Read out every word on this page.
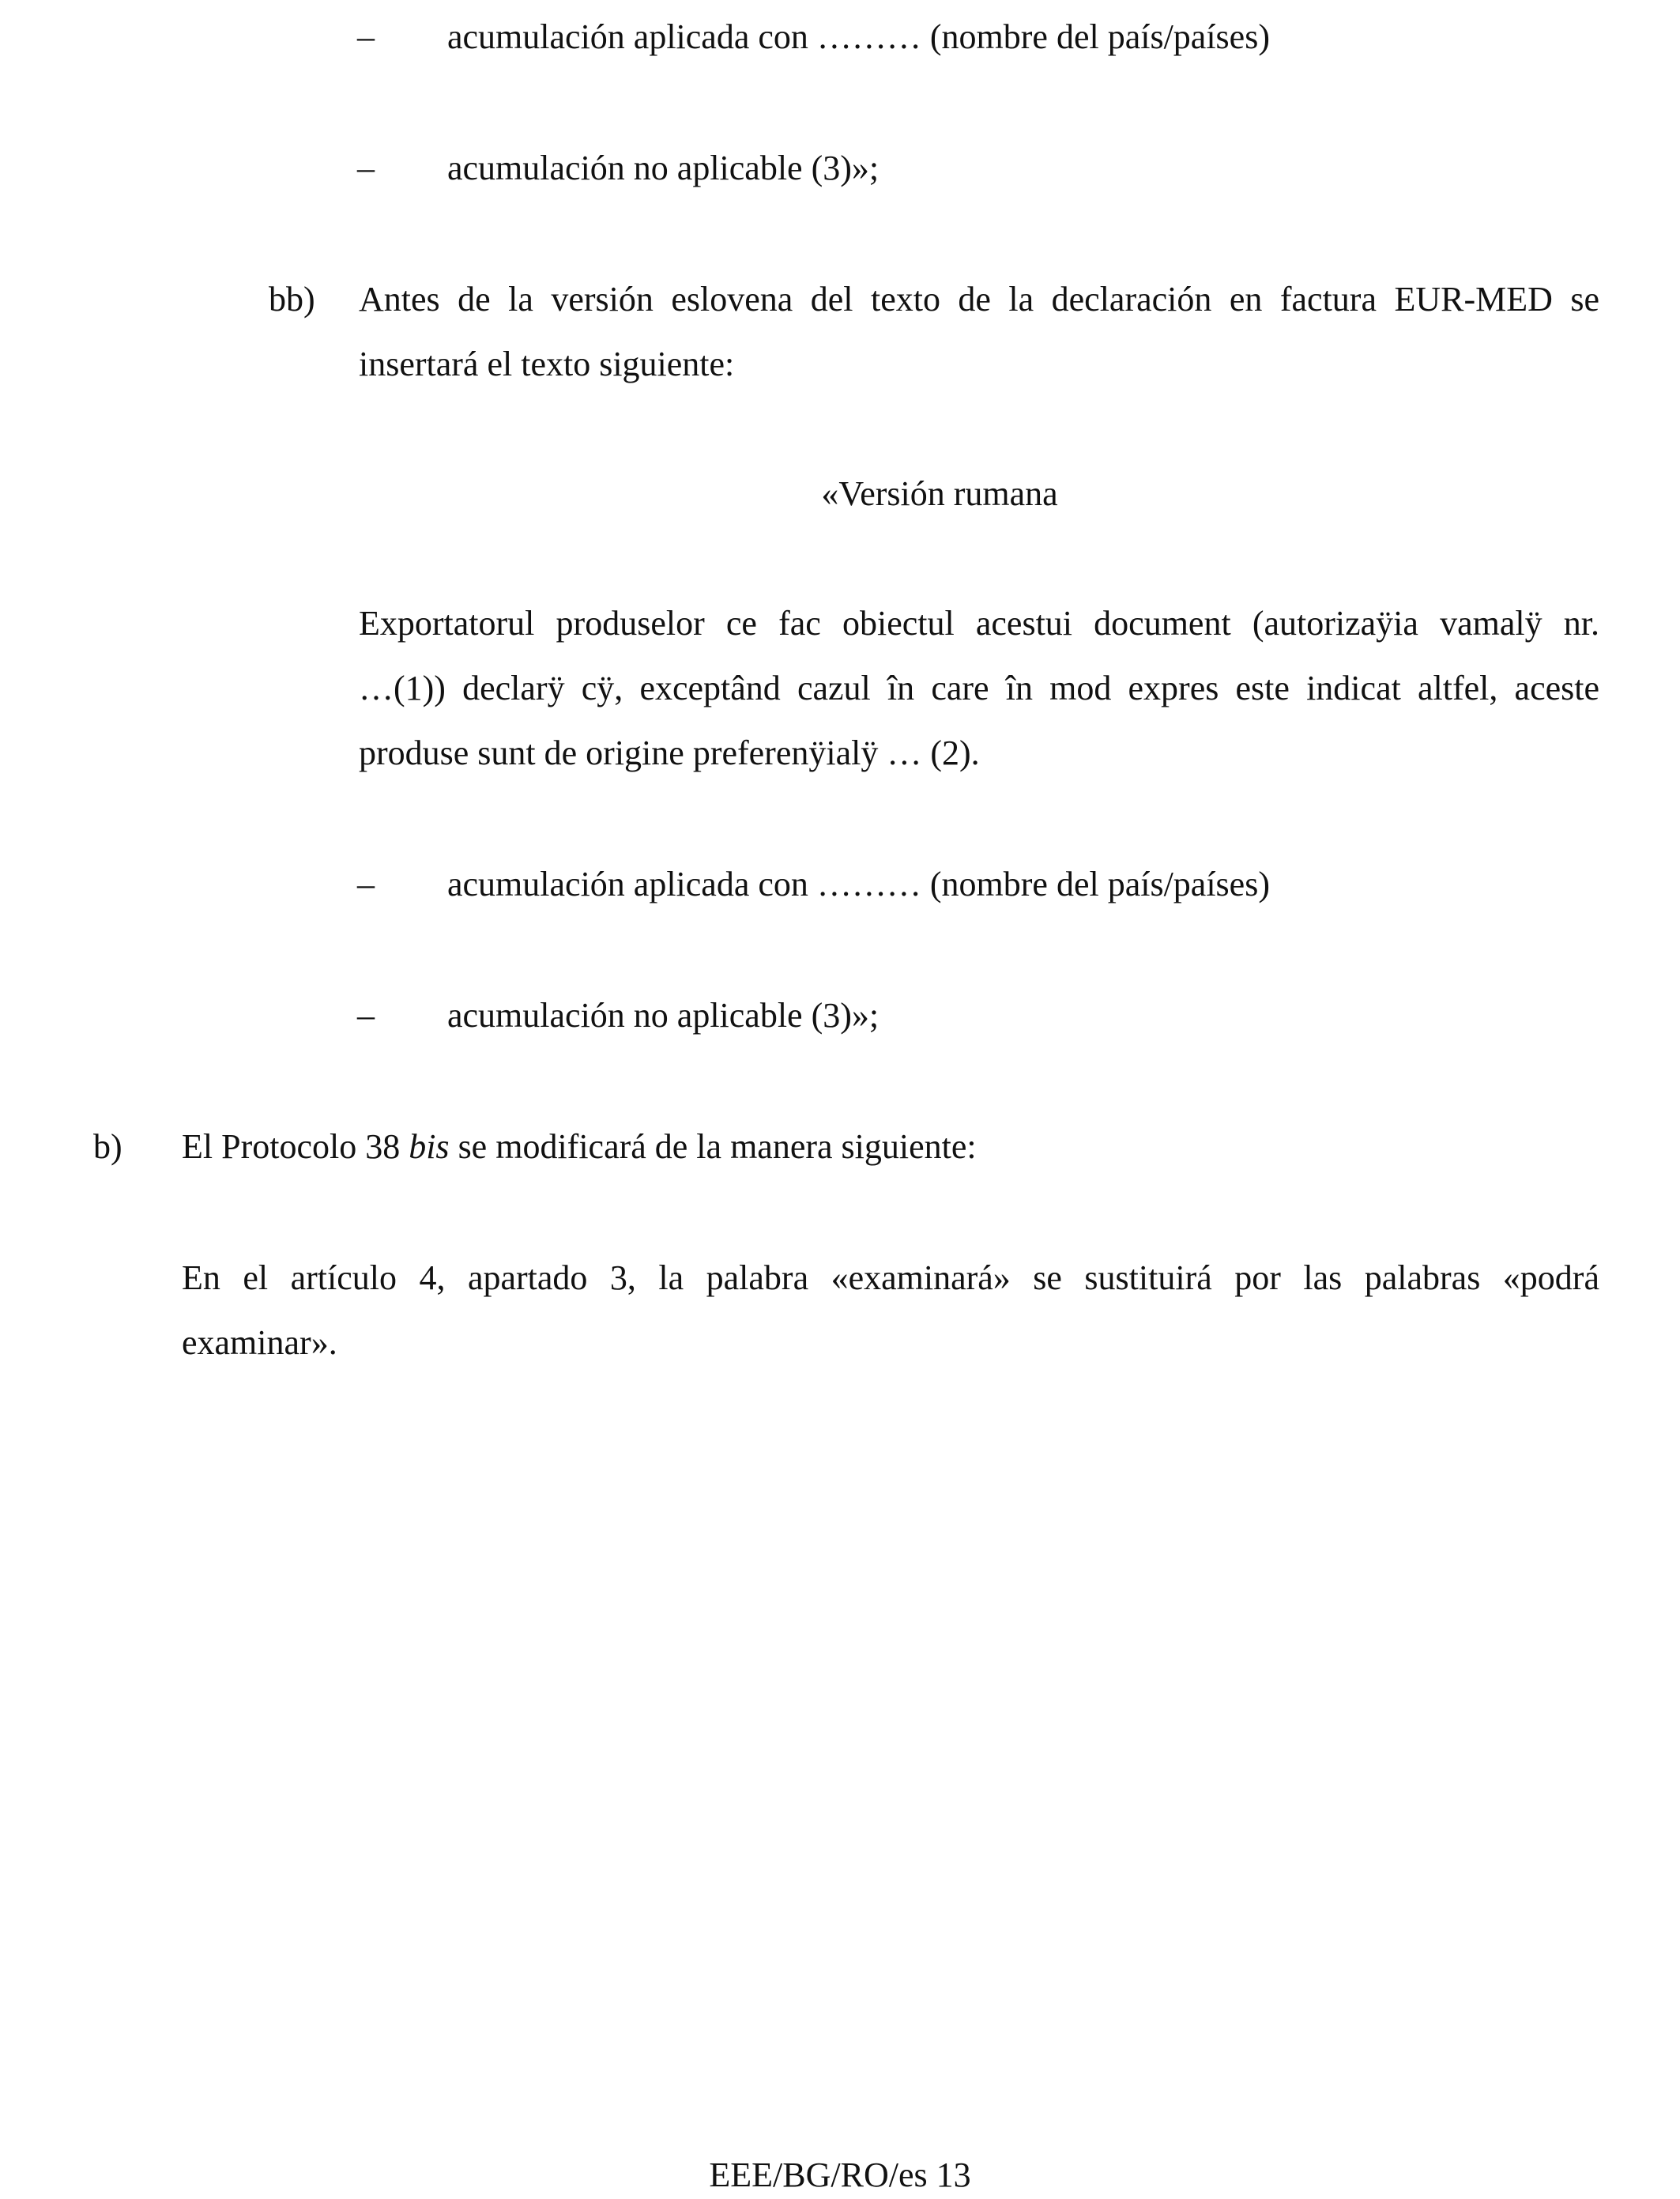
– acumulación aplicada con ……… (nombre del país/países)
– acumulación no aplicable (3)»;
bb) Antes de la versión eslovena del texto de la declaración en factura EUR-MED se
insertará el texto siguiente:
«Versión rumana
Exportatorul produselor ce fac obiectul acestui document (autorizaÿia vamalÿ nr.
…(1)) declarÿ cÿ, exceptând cazul în care în mod expres este indicat altfel, aceste
produse sunt de origine preferenÿialÿ … (2).
– acumulación aplicada con ……… (nombre del país/países)
– acumulación no aplicable (3)»;
b) El Protocolo 38 bis se modificará de la manera siguiente:
En el artículo 4, apartado 3, la palabra «examinará» se sustituirá por las palabras «podrá
examinar».
EEE/BG/RO/es 13
